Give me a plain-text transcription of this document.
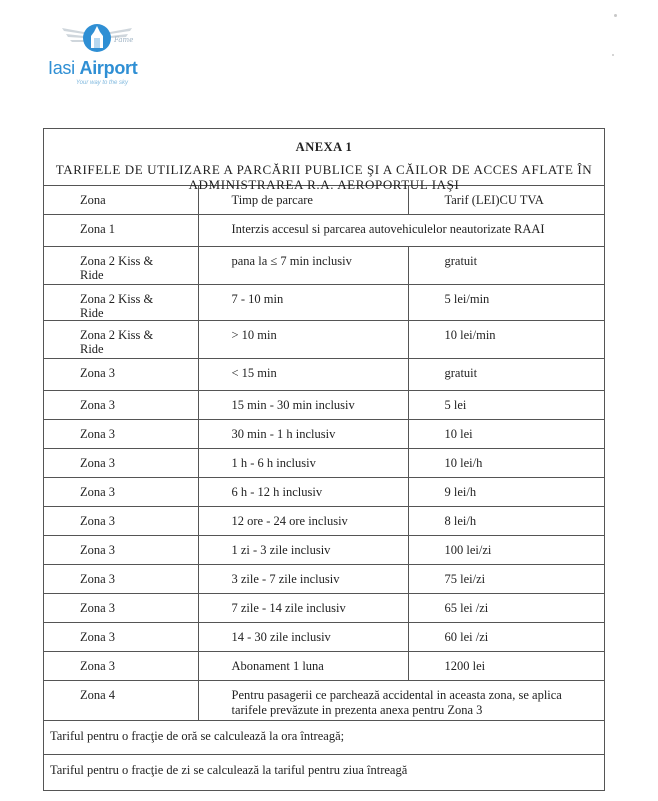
Fame
Iasi Airport
Your way to the sky
ANEXA 1
TARIFELE DE UTILIZARE A PARCĂRII PUBLICE ŞI A CĂILOR DE ACCES AFLATE ÎN ADMINISTRAREA R.A. AEROPORTUL IAŞI
Zona	Timp de parcare	Tarif (LEI)CU TVA
Zona 1	Interzis accesul si parcarea autovehiculelor neautorizate RAAI	
Zona 2 Kiss & Ride	pana la ≤ 7 min inclusiv	gratuit
Zona 2 Kiss & Ride	7 - 10 min	5 lei/min
Zona 2 Kiss & Ride	> 10 min	10 lei/min
Zona 3	< 15 min	gratuit
Zona 3	15 min - 30 min inclusiv	5 lei
Zona 3	30 min - 1 h inclusiv	10 lei
Zona 3	1 h - 6 h inclusiv	10 lei/h
Zona 3	6 h - 12 h inclusiv	9 lei/h
Zona 3	12 ore - 24 ore inclusiv	8 lei/h
Zona 3	1 zi - 3 zile inclusiv	100 lei/zi
Zona 3	3 zile - 7 zile inclusiv	75 lei/zi
Zona 3	7 zile - 14 zile inclusiv	65 lei /zi
Zona 3	14 - 30 zile inclusiv	60 lei /zi
Zona 3	Abonament 1 luna	1200 lei
Zona 4	Pentru pasagerii ce parchează accidental in aceasta zona, se aplica tarifele prevăzute in prezenta anexa pentru Zona 3	
Tariful pentru o fracţie de oră se calculează la ora întreagă;
Tariful pentru o fracţie de zi se calculează la tariful pentru ziua întreagă
